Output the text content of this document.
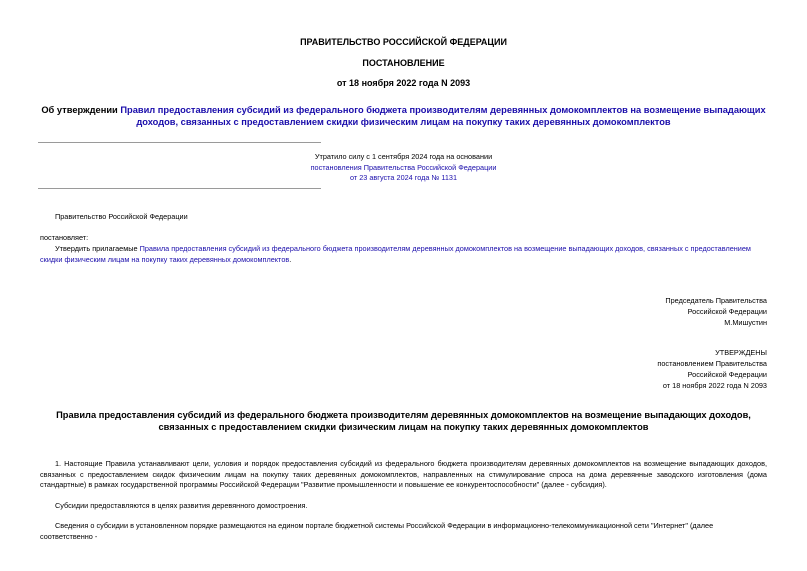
ПРАВИТЕЛЬСТВО РОССИЙСКОЙ ФЕДЕРАЦИИ
ПОСТАНОВЛЕНИЕ
от 18 ноября 2022 года N 2093
Об утверждении Правил предоставления субсидий из федерального бюджета производителям деревянных домокомплектов на возмещение выпадающих доходов, связанных с предоставлением скидки физическим лицам на покупку таких деревянных домокомплектов
Утратило силу с 1 сентября 2024 года на основании
постановления Правительства Российской Федерации
от 23 августа 2024 года № 1131
Правительство Российской Федерации
постановляет:
Утвердить прилагаемые Правила предоставления субсидий из федерального бюджета производителям деревянных домокомплектов на возмещение выпадающих доходов, связанных с предоставлением скидки физическим лицам на покупку таких деревянных домокомплектов.
Председатель Правительства
Российской Федерации
М.Мишустин
УТВЕРЖДЕНЫ
постановлением Правительства
Российской Федерации
от 18 ноября 2022 года N 2093
Правила предоставления субсидий из федерального бюджета производителям деревянных домокомплектов на возмещение выпадающих доходов, связанных с предоставлением скидки физическим лицам на покупку таких деревянных домокомплектов
1. Настоящие Правила устанавливают цели, условия и порядок предоставления субсидий из федерального бюджета производителям деревянных домокомплектов на возмещение выпадающих доходов, связанных с предоставлением скидок физическим лицам на покупку таких деревянных домокомплектов, направленных на стимулирование спроса на дома деревянные заводского изготовления (дома стандартные) в рамках государственной программы Российской Федерации "Развитие промышленности и повышение ее конкурентоспособности" (далее - субсидия).
Субсидии предоставляются в целях развития деревянного домостроения.
Сведения о субсидии в установленном порядке размещаются на едином портале бюджетной системы Российской Федерации в информационно-телекоммуникационной сети "Интернет" (далее соответственно -
